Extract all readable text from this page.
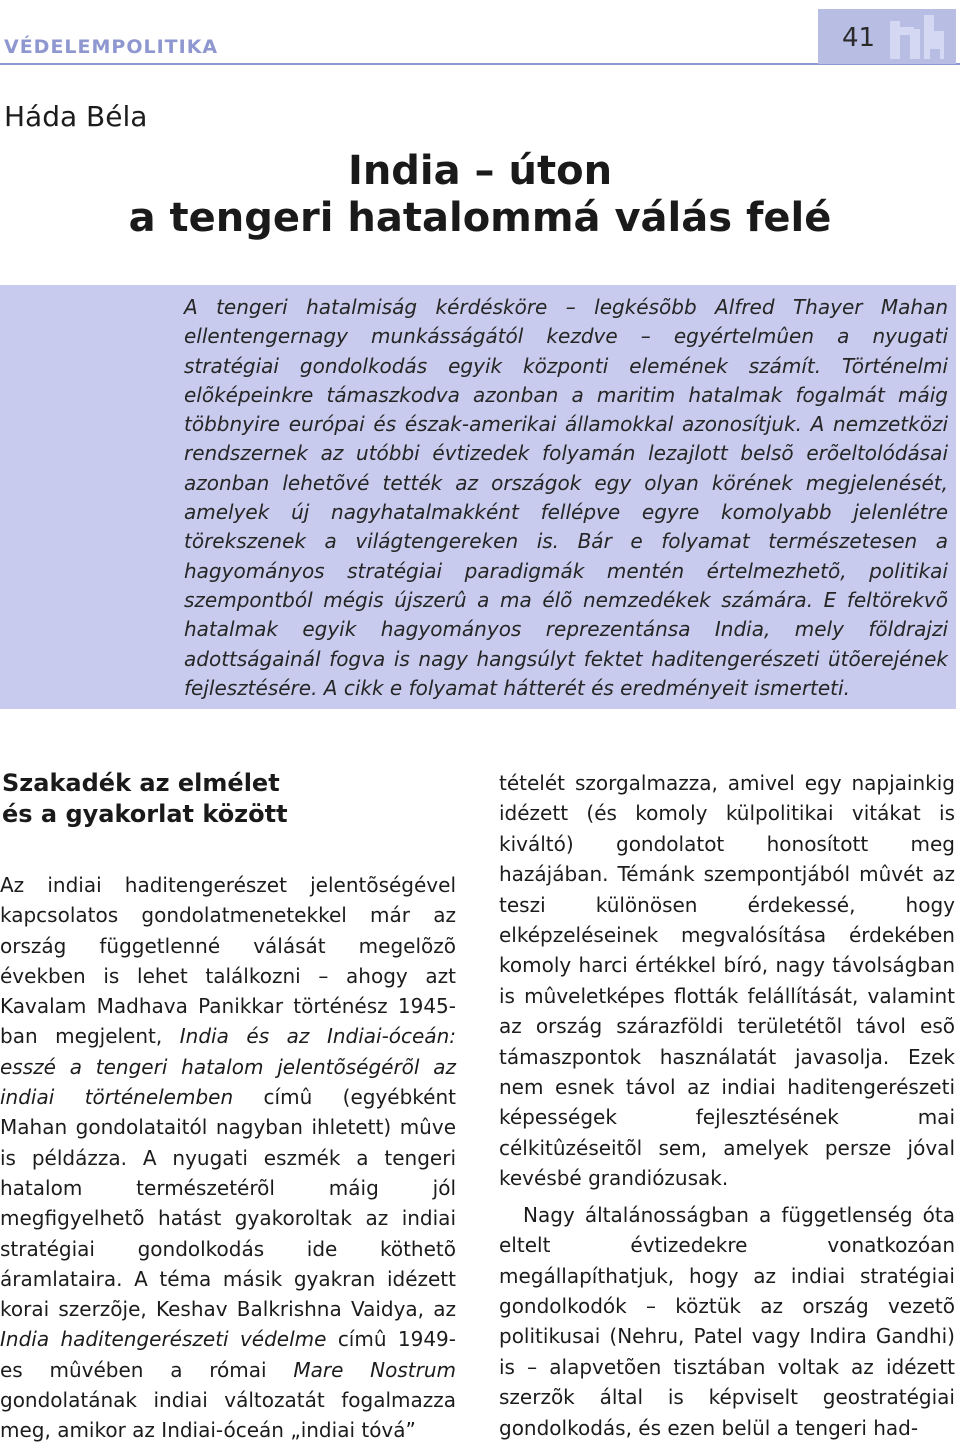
VÉDELEMPOLITIKA	41
Háda Béla
India – úton
a tengeri hatalommá válás felé

A tengeri hatalmiság kérdésköre – legkésõbb Alfred Thayer Mahan ellentengernagy munkásságától kezdve – egyértelmûen a nyugati stratégiai gondolkodás egyik központi elemének számít. Történelmi elõképeinkre támaszkodva azonban a maritim hatalmak fogalmát máig többnyire európai és észak-amerikai államokkal azonosítjuk. A nemzetközi rendszernek az utóbbi évtizedek folyamán lezajlott belsõ erõeltolódásai azonban lehetõvé tették az országok egy olyan körének megjelenését, amelyek új nagyhatalmakként fellépve egyre komolyabb jelenlétre törekszenek a világtengereken is. Bár e folyamat természetesen a hagyományos stratégiai paradigmák mentén értelmezhetõ, politikai szempontból mégis újszerû a ma élõ nemzedékek számára. E feltörekvõ hatalmak egyik hagyományos reprezentánsa India, mely földrajzi adottságainál fogva is nagy hangsúlyt fektet haditengerészeti ütõerejének fejlesztésére. A cikk e folyamat hátterét és eredményeit ismerteti.

Szakadék az elmélet
és a gyakorlat között

Az indiai haditengerészet jelentõségével kapcsolatos gondolatmenetekkel már az ország függetlenné válását megelõzõ években is lehet találkozni – ahogy azt Kavalam Madhava Panikkar történész 1945-ban megjelent, India és az Indiai-óceán: esszé a tengeri hatalom jelentõségérõl az indiai történelemben címû (egyébként Mahan gondolataitól nagyban ihletett) mûve is példázza. A nyugati eszmék a tengeri hatalom természetérõl máig jól megfigyelhetõ hatást gyakoroltak az indiai stratégiai gondolkodás ide köthetõ áramlataira. A téma másik gyakran idézett korai szerzõje, Keshav Balkrishna Vaidya, az India haditengerészeti védelme címû 1949-es mûvében a római Mare Nostrum gondolatának indiai változatát fogalmazza meg, amikor az Indiai-óceán „indiai tóvá”

tételét szorgalmazza, amivel egy napjainkig idézett (és komoly külpolitikai vitákat is kiváltó) gondolatot honosított meg hazájában. Témánk szempontjából mûvét az teszi különösen érdekessé, hogy elképzeléseinek megvalósítása érdekében komoly harci értékkel bíró, nagy távolságban is mûveletképes flották felállítását, valamint az ország szárazföldi területétõl távol esõ támaszpontok használatát javasolja. Ezek nem esnek távol az indiai haditengerészeti képességek fejlesztésének mai célkitûzéseitõl sem, amelyek persze jóval kevésbé grandiózusak.

Nagy általánosságban a függetlenség óta eltelt évtizedekre vonatkozóan megállapíthatjuk, hogy az indiai stratégiai gondolkodók – köztük az ország vezetõ politikusai (Nehru, Patel vagy Indira Gandhi) is – alapvetõen tisztában voltak az idézett szerzõk által is képviselt geostratégiai gondolkodás, és ezen belül a tengeri had-
